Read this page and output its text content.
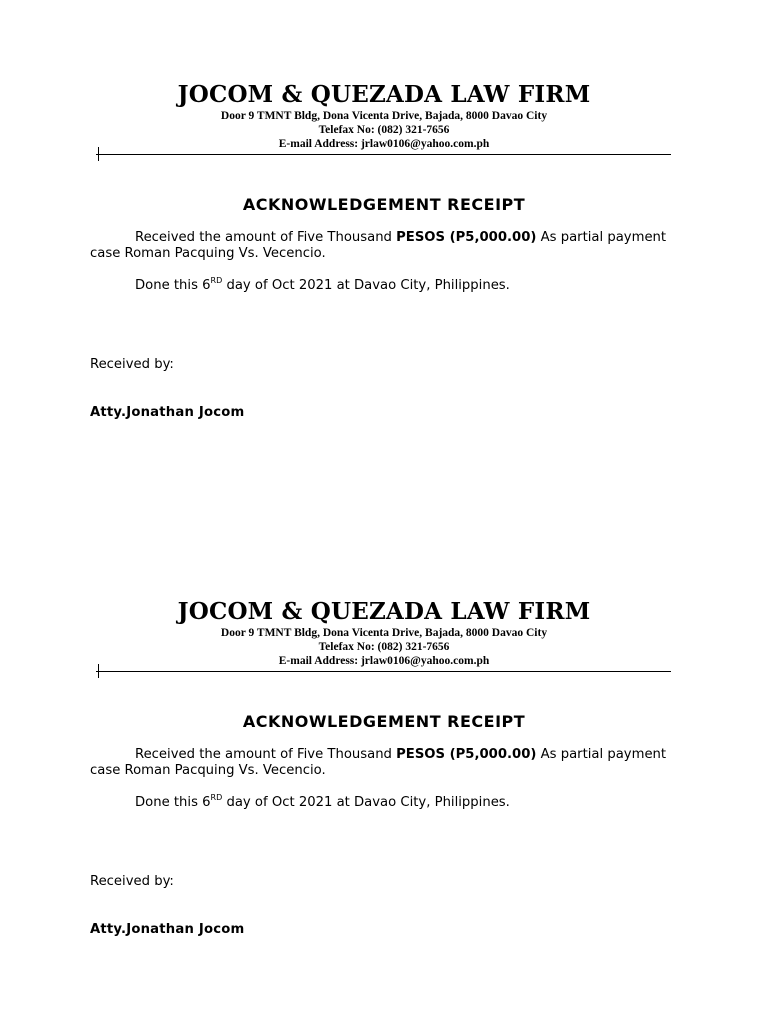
JOCOM & QUEZADA LAW FIRM
Door 9 TMNT Bldg, Dona Vicenta Drive, Bajada, 8000 Davao City
Telefax No: (082) 321-7656
E-mail Address: jrlaw0106@yahoo.com.ph
ACKNOWLEDGEMENT RECEIPT

Received the amount of Five Thousand PESOS (P5,000.00) As partial payment case Roman Pacquing Vs. Vecencio.

Done this 6RD day of Oct 2021 at Davao City, Philippines.

Received by:
Atty.Jonathan Jocom
JOCOM & QUEZADA LAW FIRM
Door 9 TMNT Bldg, Dona Vicenta Drive, Bajada, 8000 Davao City
Telefax No: (082) 321-7656
E-mail Address: jrlaw0106@yahoo.com.ph
ACKNOWLEDGEMENT RECEIPT

Received the amount of Five Thousand PESOS (P5,000.00) As partial payment case Roman Pacquing Vs. Vecencio.

Done this 6RD day of Oct 2021 at Davao City, Philippines.

Received by:
Atty.Jonathan Jocom
